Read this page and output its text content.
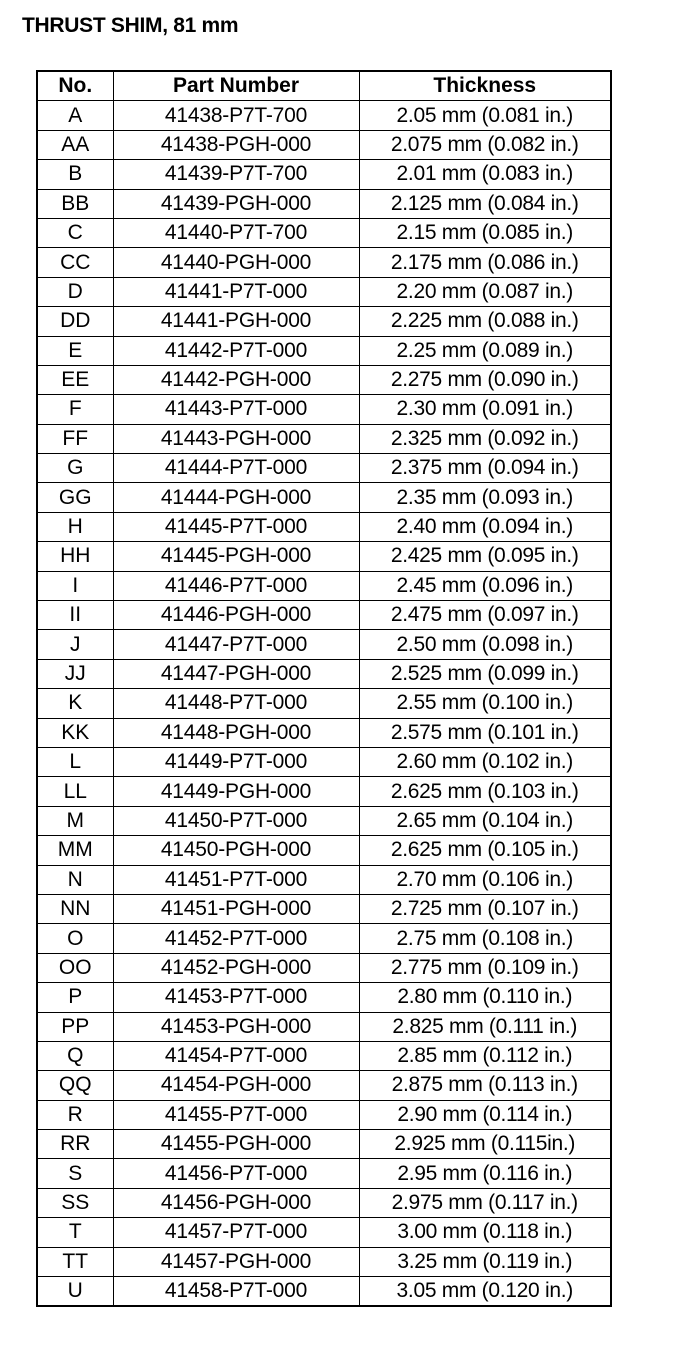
THRUST SHIM, 81 mm
No.	Part Number	Thickness
A	41438-P7T-700	2.05 mm (0.081 in.)
AA	41438-PGH-000	2.075 mm (0.082 in.)
B	41439-P7T-700	2.01 mm (0.083 in.)
BB	41439-PGH-000	2.125 mm (0.084 in.)
C	41440-P7T-700	2.15 mm (0.085 in.)
CC	41440-PGH-000	2.175 mm (0.086 in.)
D	41441-P7T-000	2.20 mm (0.087 in.)
DD	41441-PGH-000	2.225 mm (0.088 in.)
E	41442-P7T-000	2.25 mm (0.089 in.)
EE	41442-PGH-000	2.275 mm (0.090 in.)
F	41443-P7T-000	2.30 mm (0.091 in.)
FF	41443-PGH-000	2.325 mm (0.092 in.)
G	41444-P7T-000	2.375 mm (0.094 in.)
GG	41444-PGH-000	2.35 mm (0.093 in.)
H	41445-P7T-000	2.40 mm (0.094 in.)
HH	41445-PGH-000	2.425 mm (0.095 in.)
I	41446-P7T-000	2.45 mm (0.096 in.)
II	41446-PGH-000	2.475 mm (0.097 in.)
J	41447-P7T-000	2.50 mm (0.098 in.)
JJ	41447-PGH-000	2.525 mm (0.099 in.)
K	41448-P7T-000	2.55 mm (0.100 in.)
KK	41448-PGH-000	2.575 mm (0.101 in.)
L	41449-P7T-000	2.60 mm (0.102 in.)
LL	41449-PGH-000	2.625 mm (0.103 in.)
M	41450-P7T-000	2.65 mm (0.104 in.)
MM	41450-PGH-000	2.625 mm (0.105 in.)
N	41451-P7T-000	2.70 mm (0.106 in.)
NN	41451-PGH-000	2.725 mm (0.107 in.)
O	41452-P7T-000	2.75 mm (0.108 in.)
OO	41452-PGH-000	2.775 mm (0.109 in.)
P	41453-P7T-000	2.80 mm (0.110 in.)
PP	41453-PGH-000	2.825 mm (0.111 in.)
Q	41454-P7T-000	2.85 mm (0.112 in.)
QQ	41454-PGH-000	2.875 mm (0.113 in.)
R	41455-P7T-000	2.90 mm (0.114 in.)
RR	41455-PGH-000	2.925 mm (0.115in.)
S	41456-P7T-000	2.95 mm (0.116 in.)
SS	41456-PGH-000	2.975 mm (0.117 in.)
T	41457-P7T-000	3.00 mm (0.118 in.)
TT	41457-PGH-000	3.25 mm (0.119 in.)
U	41458-P7T-000	3.05 mm (0.120 in.)
